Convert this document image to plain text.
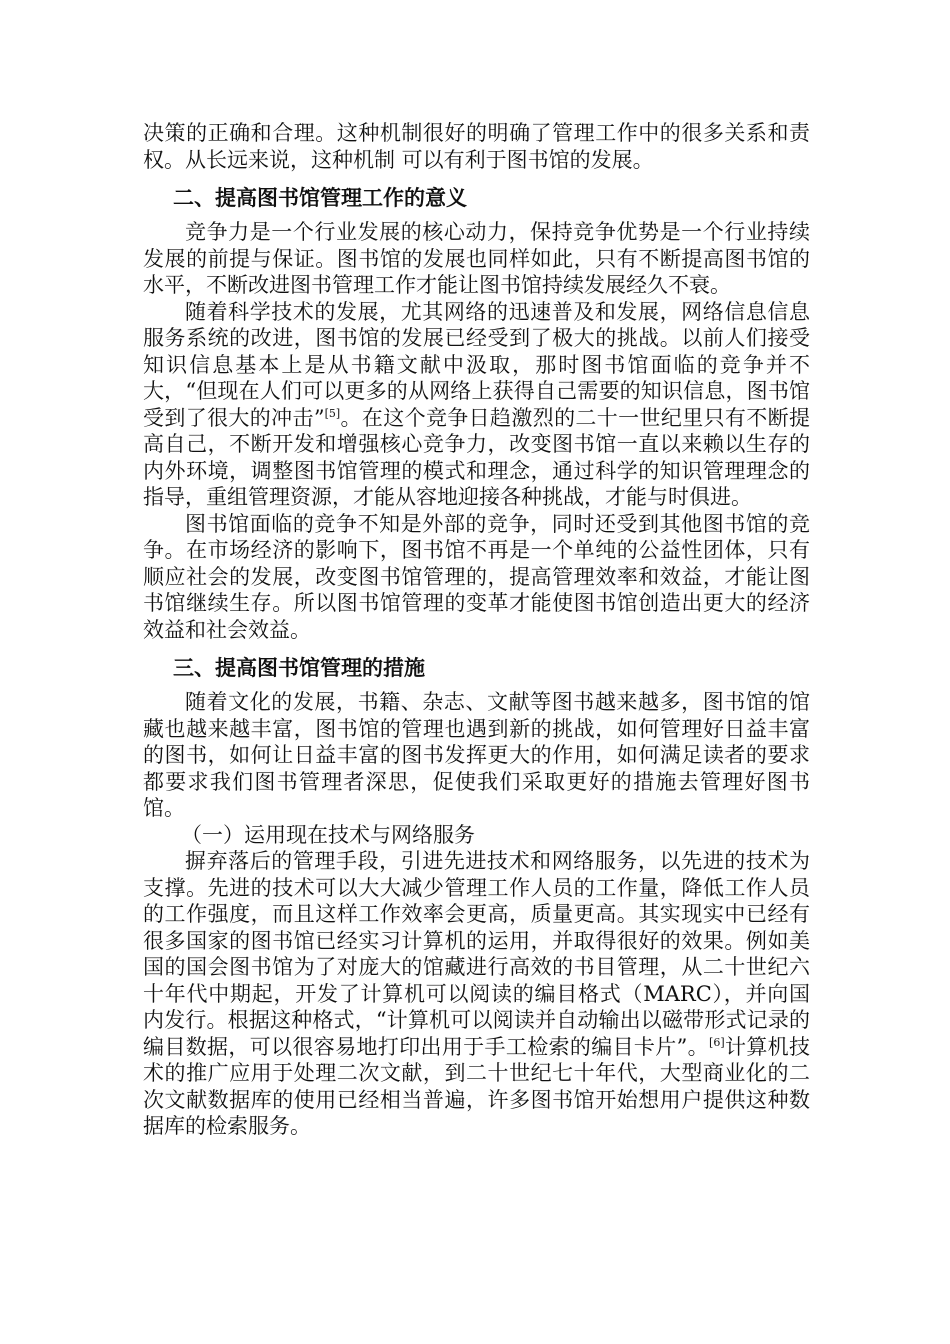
决策的正确和合理。这种机制很好的明确了管理工作中的很多关系和责权。从长远来说，这种机制 可以有利于图书馆的发展。

二、提高图书馆管理工作的意义

竞争力是一个行业发展的核心动力，保持竞争优势是一个行业持续发展的前提与保证。图书馆的发展也同样如此，只有不断提高图书馆的水平，不断改进图书管理工作才能让图书馆持续发展经久不衰。

随着科学技术的发展，尤其网络的迅速普及和发展，网络信息信息服务系统的改进，图书馆的发展已经受到了极大的挑战。以前人们接受知识信息基本上是从书籍文献中汲取，那时图书馆面临的竞争并不大，“但现在人们可以更多的从网络上获得自己需要的知识信息，图书馆受到了很大的冲击”[5]。在这个竞争日趋激烈的二十一世纪里只有不断提高自己，不断开发和增强核心竞争力，改变图书馆一直以来赖以生存的内外环境，调整图书馆管理的模式和理念，通过科学的知识管理理念的指导，重组管理资源，才能从容地迎接各种挑战，才能与时俱进。

图书馆面临的竞争不知是外部的竞争，同时还受到其他图书馆的竞争。在市场经济的影响下，图书馆不再是一个单纯的公益性团体，只有顺应社会的发展，改变图书馆管理的，提高管理效率和效益，才能让图书馆继续生存。所以图书馆管理的变革才能使图书馆创造出更大的经济效益和社会效益。

三、提高图书馆管理的措施

随着文化的发展，书籍、杂志、文献等图书越来越多，图书馆的馆藏也越来越丰富，图书馆的管理也遇到新的挑战，如何管理好日益丰富的图书，如何让日益丰富的图书发挥更大的作用，如何满足读者的要求都要求我们图书管理者深思，促使我们采取更好的措施去管理好图书馆。

（一）运用现在技术与网络服务

摒弃落后的管理手段，引进先进技术和网络服务，以先进的技术为支撑。先进的技术可以大大减少管理工作人员的工作量，降低工作人员的工作强度，而且这样工作效率会更高，质量更高。其实现实中已经有很多国家的图书馆已经实习计算机的运用，并取得很好的效果。例如美国的国会图书馆为了对庞大的馆藏进行高效的书目管理，从二十世纪六十年代中期起，开发了计算机可以阅读的编目格式（MARC），并向国内发行。根据这种格式，“计算机可以阅读并自动输出以磁带形式记录的编目数据，可以很容易地打印出用于手工检索的编目卡片”。[6]计算机技术的推广应用于处理二次文献，到二十世纪七十年代，大型商业化的二次文献数据库的使用已经相当普遍，许多图书馆开始想用户提供这种数据库的检索服务。
